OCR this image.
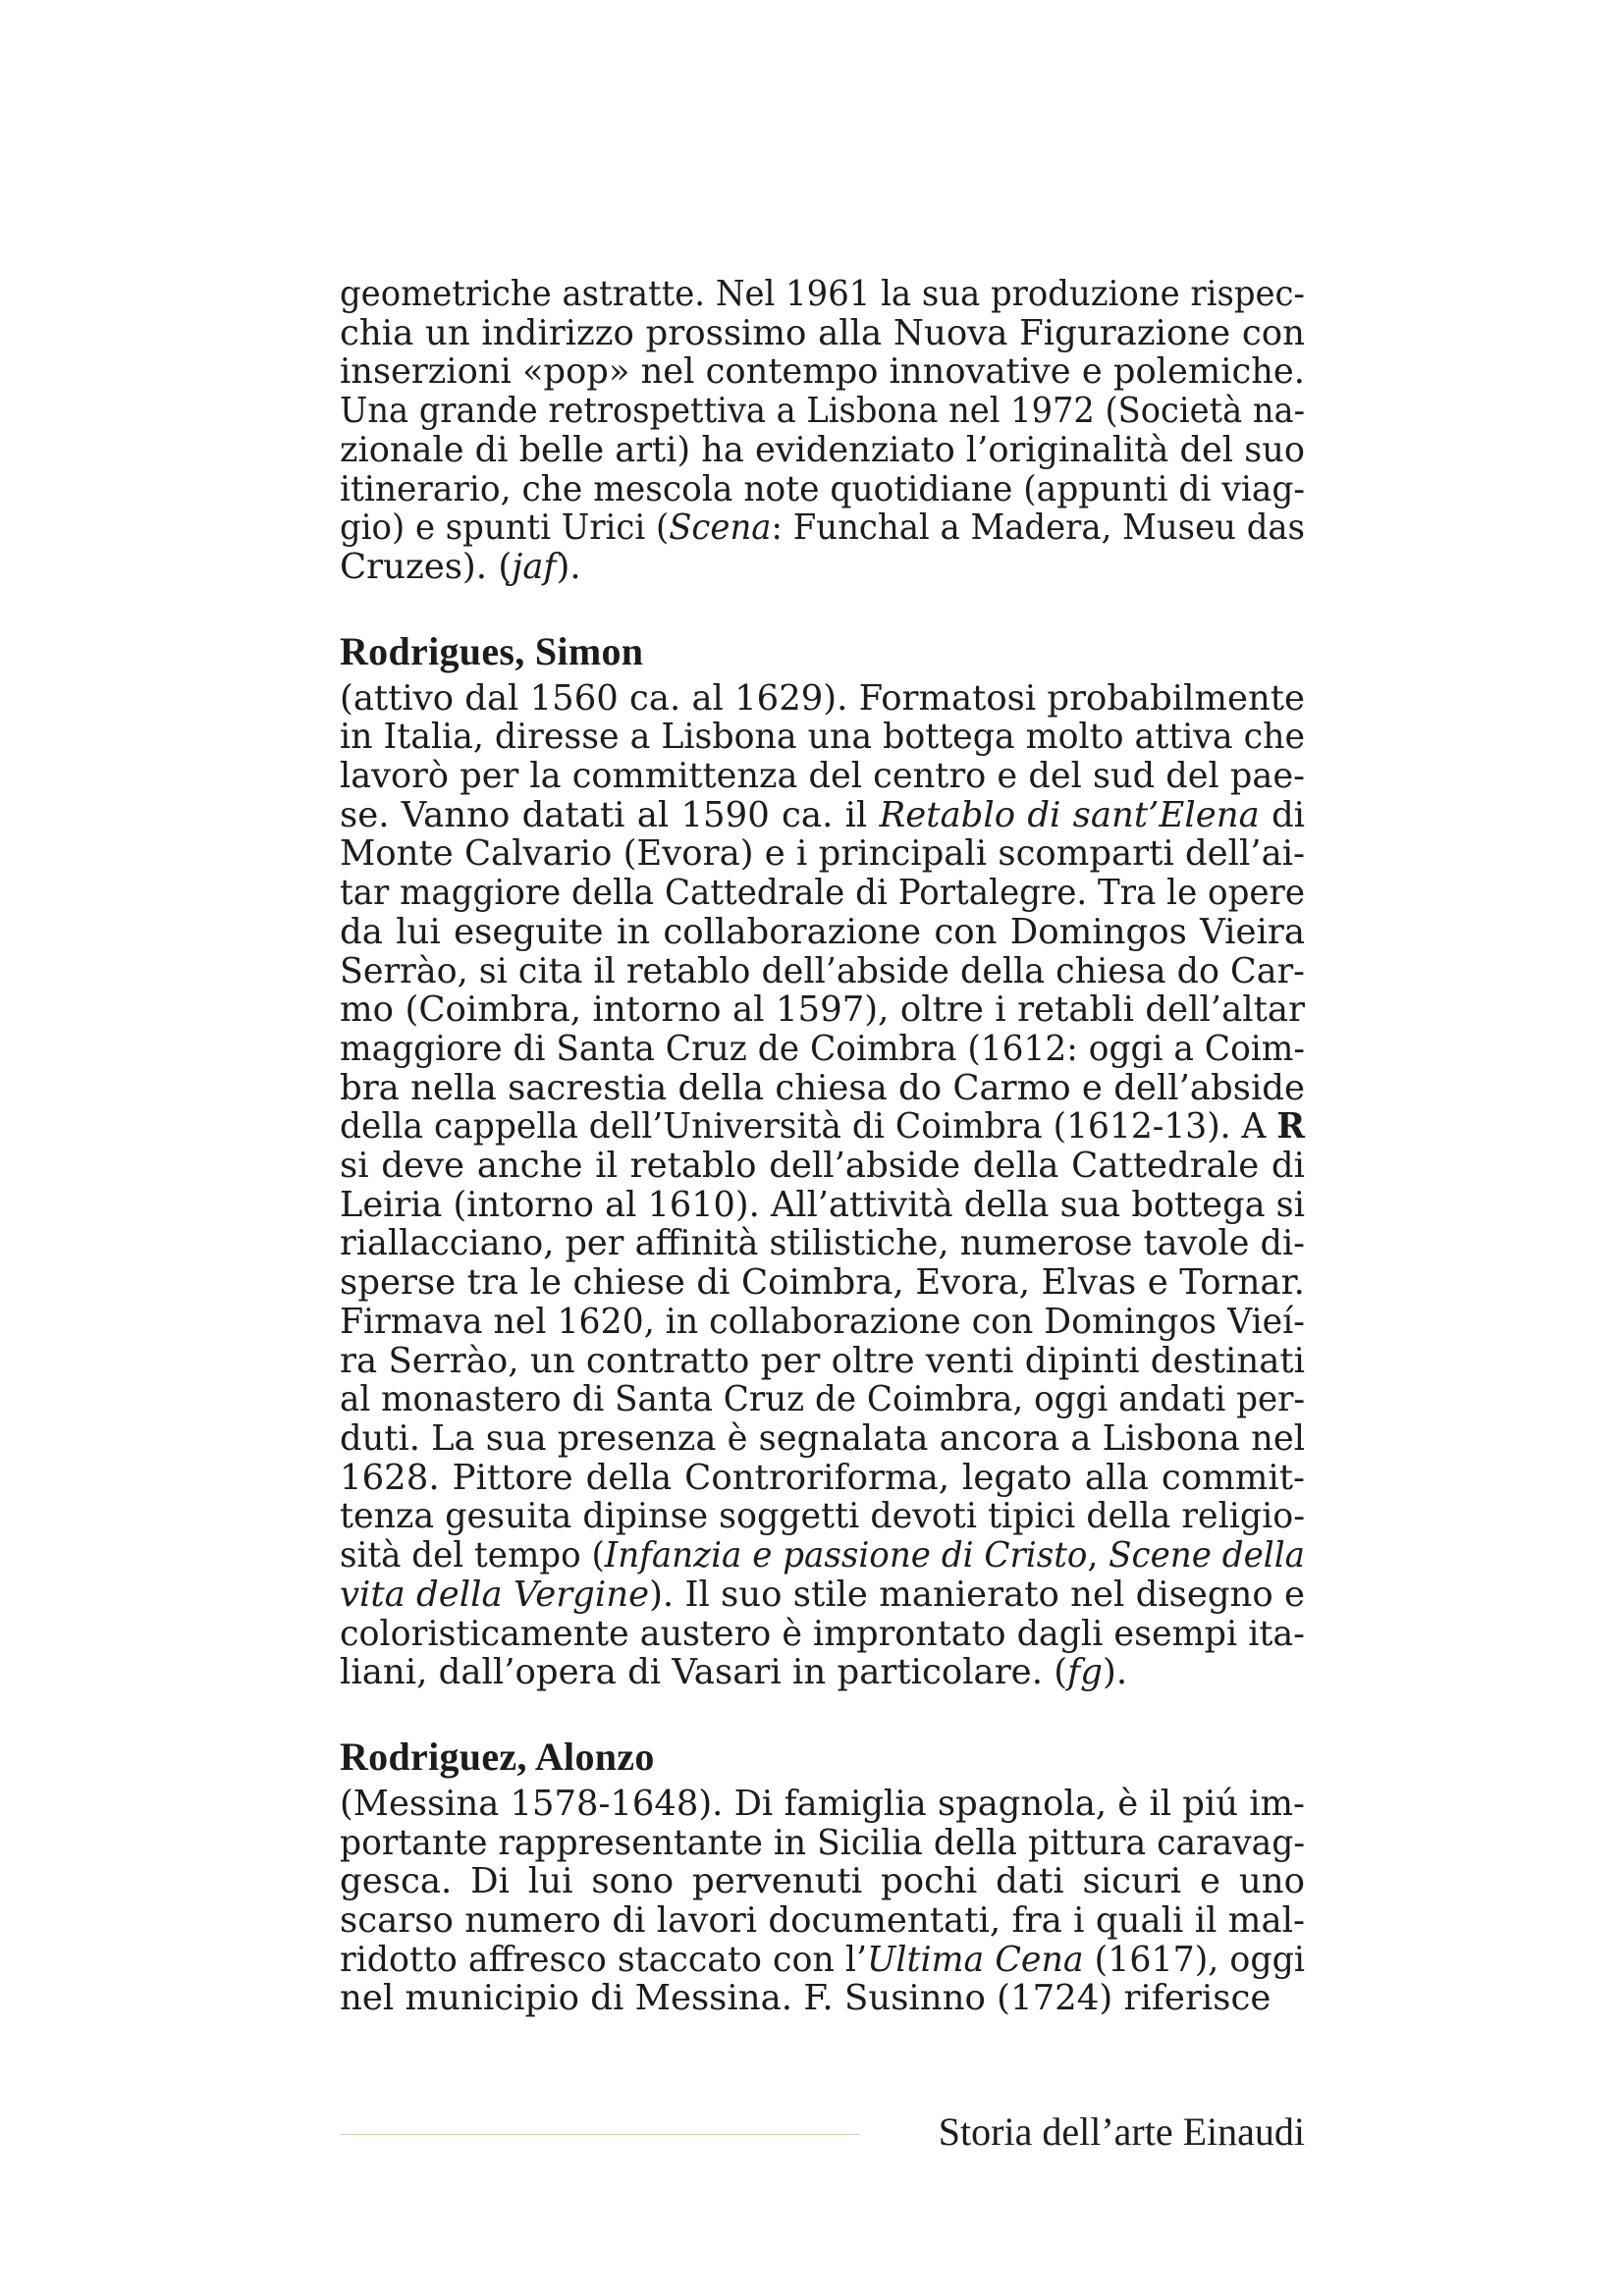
geometriche astratte. Nel 1961 la sua produzione rispec-
chia un indirizzo prossimo alla Nuova Figurazione con
inserzioni «pop» nel contempo innovative e polemiche.
Una grande retrospettiva a Lisbona nel 1972 (Società na-
zionale di belle arti) ha evidenziato l’originalità del suo
itinerario, che mescola note quotidiane (appunti di viag-
gio) e spunti Urici (Scena: Funchal a Madera, Museu das
Cruzes). (jaf).

Rodrigues, Simon

(attivo dal 1560 ca. al 1629). Formatosi probabilmente
in Italia, diresse a Lisbona una bottega molto attiva che
lavorò per la committenza del centro e del sud del pae-
se. Vanno datati al 1590 ca. il Retablo di sant’Elena di
Monte Calvario (Evora) e i principali scomparti dell’ai-
tar maggiore della Cattedrale di Portalegre. Tra le opere
da lui eseguite in collaborazione con Domingos Vieira
Serrào, si cita il retablo dell’abside della chiesa do Car-
mo (Coimbra, intorno al 1597), oltre i retabli dell’altar
maggiore di Santa Cruz de Coimbra (1612: oggi a Coim-
bra nella sacrestia della chiesa do Carmo e dell’abside
della cappella dell’Università di Coimbra (1612-13). A R
si deve anche il retablo dell’abside della Cattedrale di
Leiria (intorno al 1610). All’attività della sua bottega si
riallacciano, per affinità stilistiche, numerose tavole di-
sperse tra le chiese di Coimbra, Evora, Elvas e Tornar.
Firmava nel 1620, in collaborazione con Domingos Vieí-
ra Serrào, un contratto per oltre venti dipinti destinati
al monastero di Santa Cruz de Coimbra, oggi andati per-
duti. La sua presenza è segnalata ancora a Lisbona nel
1628. Pittore della Controriforma, legato alla commit-
tenza gesuita dipinse soggetti devoti tipici della religio-
sità del tempo (Infanzia e passione di Cristo, Scene della
vita della Vergine). Il suo stile manierato nel disegno e
coloristicamente austero è improntato dagli esempi ita-
liani, dall’opera di Vasari in particolare. (fg).

Rodriguez, Alonzo

(Messina 1578-1648). Di famiglia spagnola, è il piú im-
portante rappresentante in Sicilia della pittura caravag-
gesca. Di lui sono pervenuti pochi dati sicuri e uno
scarso numero di lavori documentati, fra i quali il mal-
ridotto affresco staccato con l’Ultima Cena (1617), oggi
nel municipio di Messina. F. Susinno (1724) riferisce

Storia dell’arte Einaudi
